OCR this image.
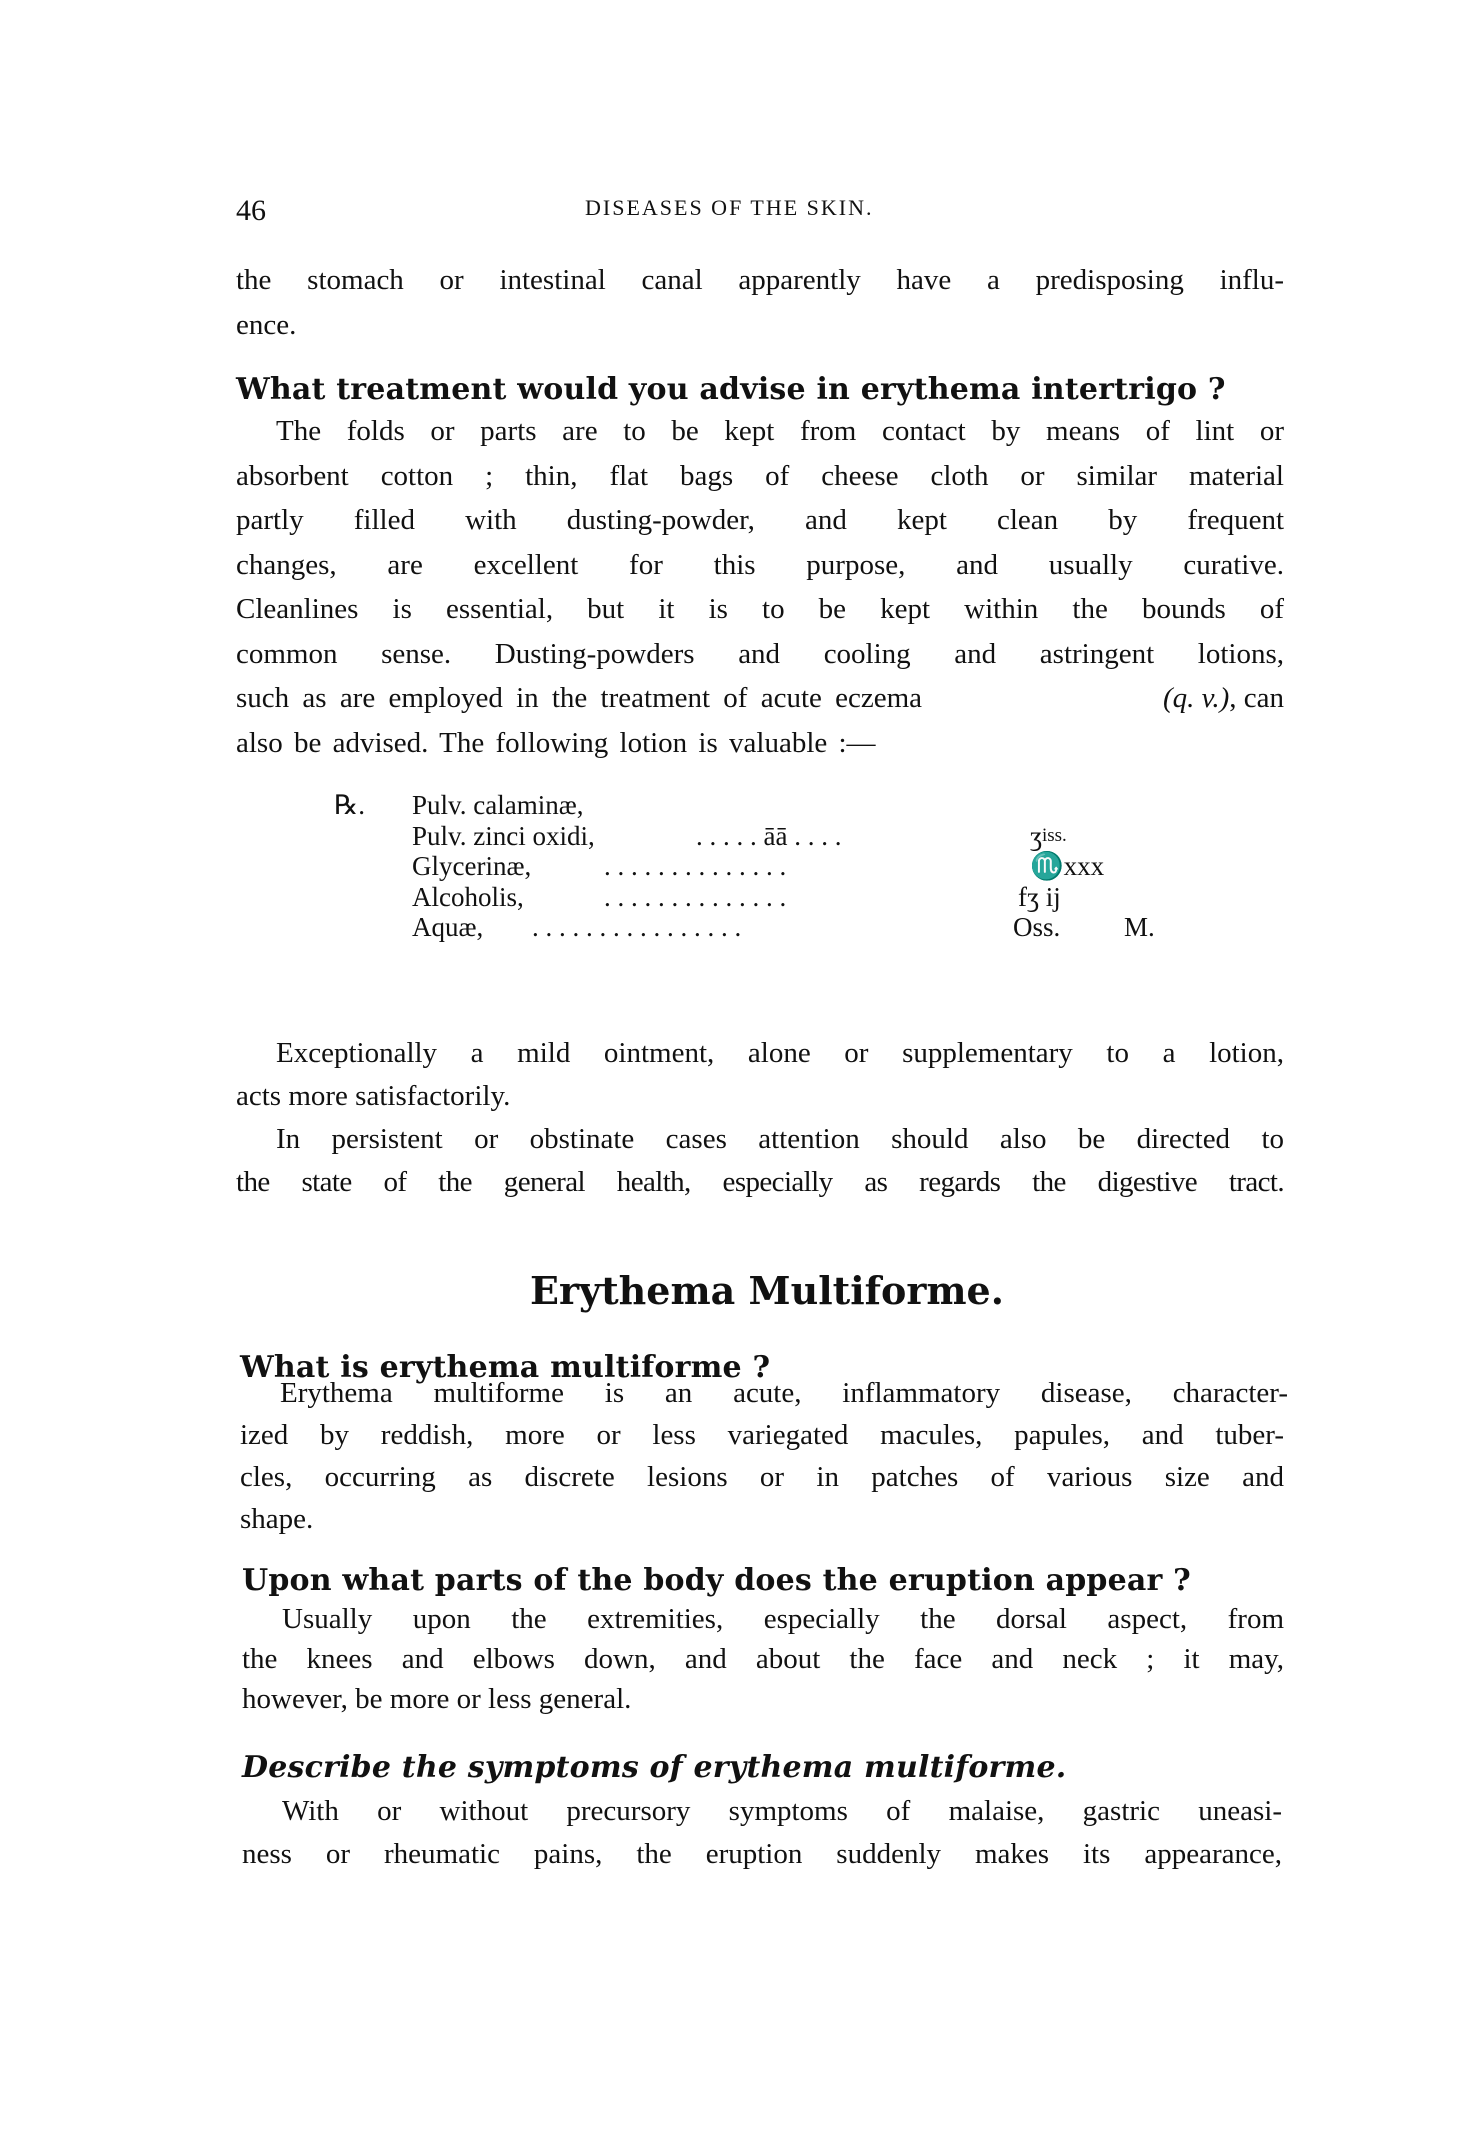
46	DISEASES OF THE SKIN.
the stomach or intestinal canal apparently have a predisposing influ-
ence.
What treatment would you advise in erythema intertrigo ?
The folds or parts are to be kept from contact by means of lint or
absorbent cotton ; thin, flat bags of cheese cloth or similar material
partly filled with dusting-powder, and kept clean by frequent
changes, are excellent for this purpose, and usually curative.
Cleanlines is essential, but it is to be kept within the bounds of
common sense. Dusting-powders and cooling and astringent lotions,
such as are employed in the treatment of acute eczema	(q. v.), can
also be advised. The following lotion is valuable :—
℞. Pulv. calaminæ,
Pulv. zinci oxidi,	. . . . . āā . . . .	ʒ$^{iss.}$
Glycerinæ,	. . . . . . . . . . . . . .	♏xxx
Alcoholis,	. . . . . . . . . . . . . .	fʒ ij
Aquæ, . . . . . . . . . . . . . . . .	Oss. M.
Exceptionally a mild ointment, alone or supplementary to a lotion,
acts more satisfactorily.
In persistent or obstinate cases attention should also be directed to
the state of the general health, especially as regards the digestive tract.
Erythema Multiforme.
What is erythema multiforme ?
Erythema multiforme is an acute, inflammatory disease, character-
ized by reddish, more or less variegated macules, papules, and tuber-
cles, occurring as discrete lesions or in patches of various size and
shape.
Upon what parts of the body does the eruption appear ?
Usually upon the extremities, especially the dorsal aspect, from
the knees and elbows down, and about the face and neck ; it may,
however, be more or less general.
Describe the symptoms of erythema multiforme.
With or without precursory symptoms of malaise, gastric uneasi-
ness or rheumatic pains, the eruption suddenly makes its appearance,
